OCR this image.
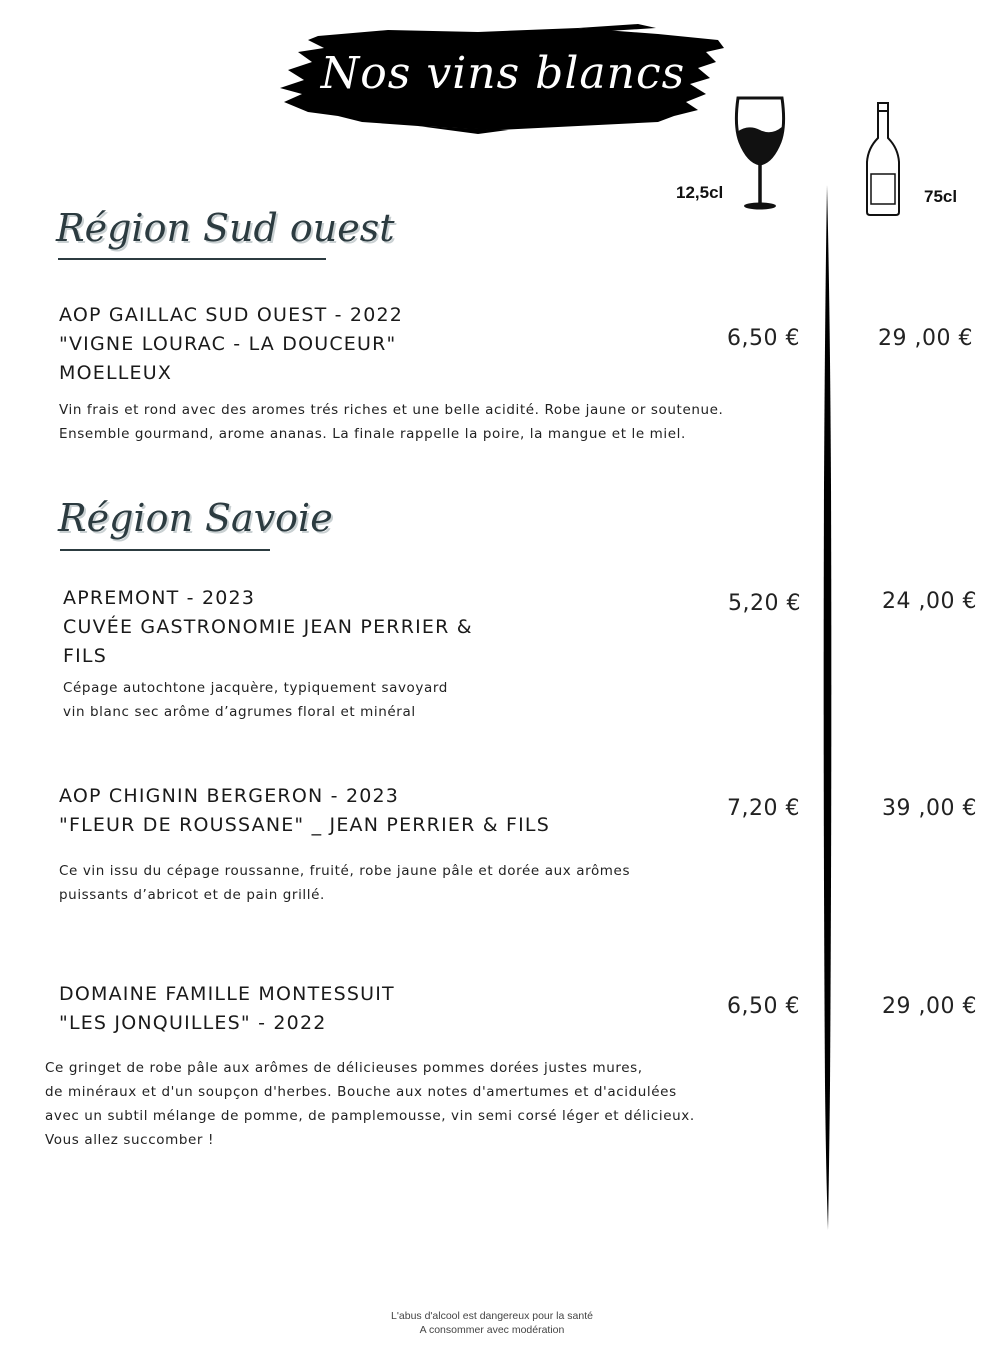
Nos vins blancs
12,5cl	75cl
Région Sud ouest
AOP GAILLAC SUD OUEST - 2022
"VIGNE LOURAC - LA DOUCEUR"
MOELLEUX
Vin frais et rond avec des aromes trés riches et une belle acidité. Robe jaune or soutenue.
Ensemble gourmand, arome ananas. La finale rappelle la poire, la mangue et le miel.
6,50 €	29 ,00 €
Région Savoie
APREMONT - 2023
CUVÉE GASTRONOMIE JEAN PERRIER &
FILS
Cépage autochtone jacquère, typiquement savoyard
vin blanc sec arôme d’agrumes floral et minéral
5,20 €	24 ,00 €
AOP CHIGNIN BERGERON - 2023
"FLEUR DE ROUSSANE" _ JEAN PERRIER & FILS
Ce vin issu du cépage roussanne, fruité, robe jaune pâle et dorée aux arômes
puissants d’abricot et de pain grillé.
7,20 €	39 ,00 €
DOMAINE FAMILLE MONTESSUIT
"LES JONQUILLES" - 2022
Ce gringet de robe pâle aux arômes de délicieuses pommes dorées justes mures,
de minéraux et d'un soupçon d'herbes. Bouche aux notes d'amertumes et d'acidulées
avec un subtil mélange de pomme, de pamplemousse, vin semi corsé léger et délicieux.
Vous allez succomber !
6,50 €	29 ,00 €
L'abus d'alcool est dangereux pour la santé
A consommer avec modération
